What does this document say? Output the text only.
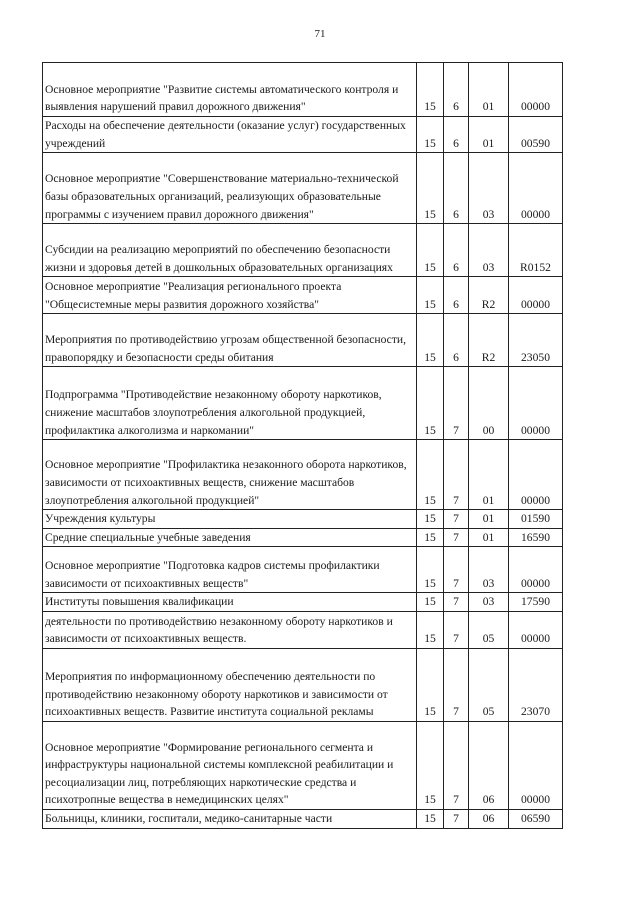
71
Основное мероприятие "Развитие системы автоматического контроля и выявления нарушений правил дорожного движения"	15	6	01	00000
Расходы на обеспечение деятельности (оказание услуг) государственных учреждений	15	6	01	00590
Основное мероприятие "Совершенствование материально-технической базы образовательных организаций, реализующих образовательные программы с изучением правил дорожного движения"	15	6	03	00000
Субсидии на реализацию мероприятий по обеспечению безопасности жизни и здоровья детей в дошкольных образовательных организациях	15	6	03	R0152
Основное мероприятие "Реализация регионального проекта "Общесистемные меры развития дорожного хозяйства"	15	6	R2	00000
Мероприятия по противодействию угрозам общественной безопасности, правопорядку и безопасности среды обитания	15	6	R2	23050
Подпрограмма "Противодействие незаконному обороту наркотиков, снижение масштабов злоупотребления алкогольной продукцией, профилактика алкоголизма и наркомании"	15	7	00	00000
Основное мероприятие "Профилактика незаконного оборота наркотиков, зависимости от психоактивных веществ, снижение масштабов злоупотребления алкогольной продукцией"	15	7	01	00000
Учреждения культуры	15	7	01	01590
Средние специальные учебные заведения	15	7	01	16590
Основное мероприятие "Подготовка кадров системы профилактики зависимости от психоактивных веществ"	15	7	03	00000
Институты повышения квалификации	15	7	03	17590
деятельности по противодействию незаконному обороту наркотиков и зависимости от психоактивных веществ.	15	7	05	00000
Мероприятия по информационному обеспечению деятельности по противодействию незаконному обороту наркотиков и зависимости от психоактивных веществ. Развитие института социальной рекламы	15	7	05	23070
Основное мероприятие "Формирование регионального сегмента и инфраструктуры национальной системы комплексной реабилитации и ресоциализации лиц, потребляющих наркотические средства и психотропные вещества в немедицинских целях"	15	7	06	00000
Больницы, клиники, госпитали, медико-санитарные части	15	7	06	06590
